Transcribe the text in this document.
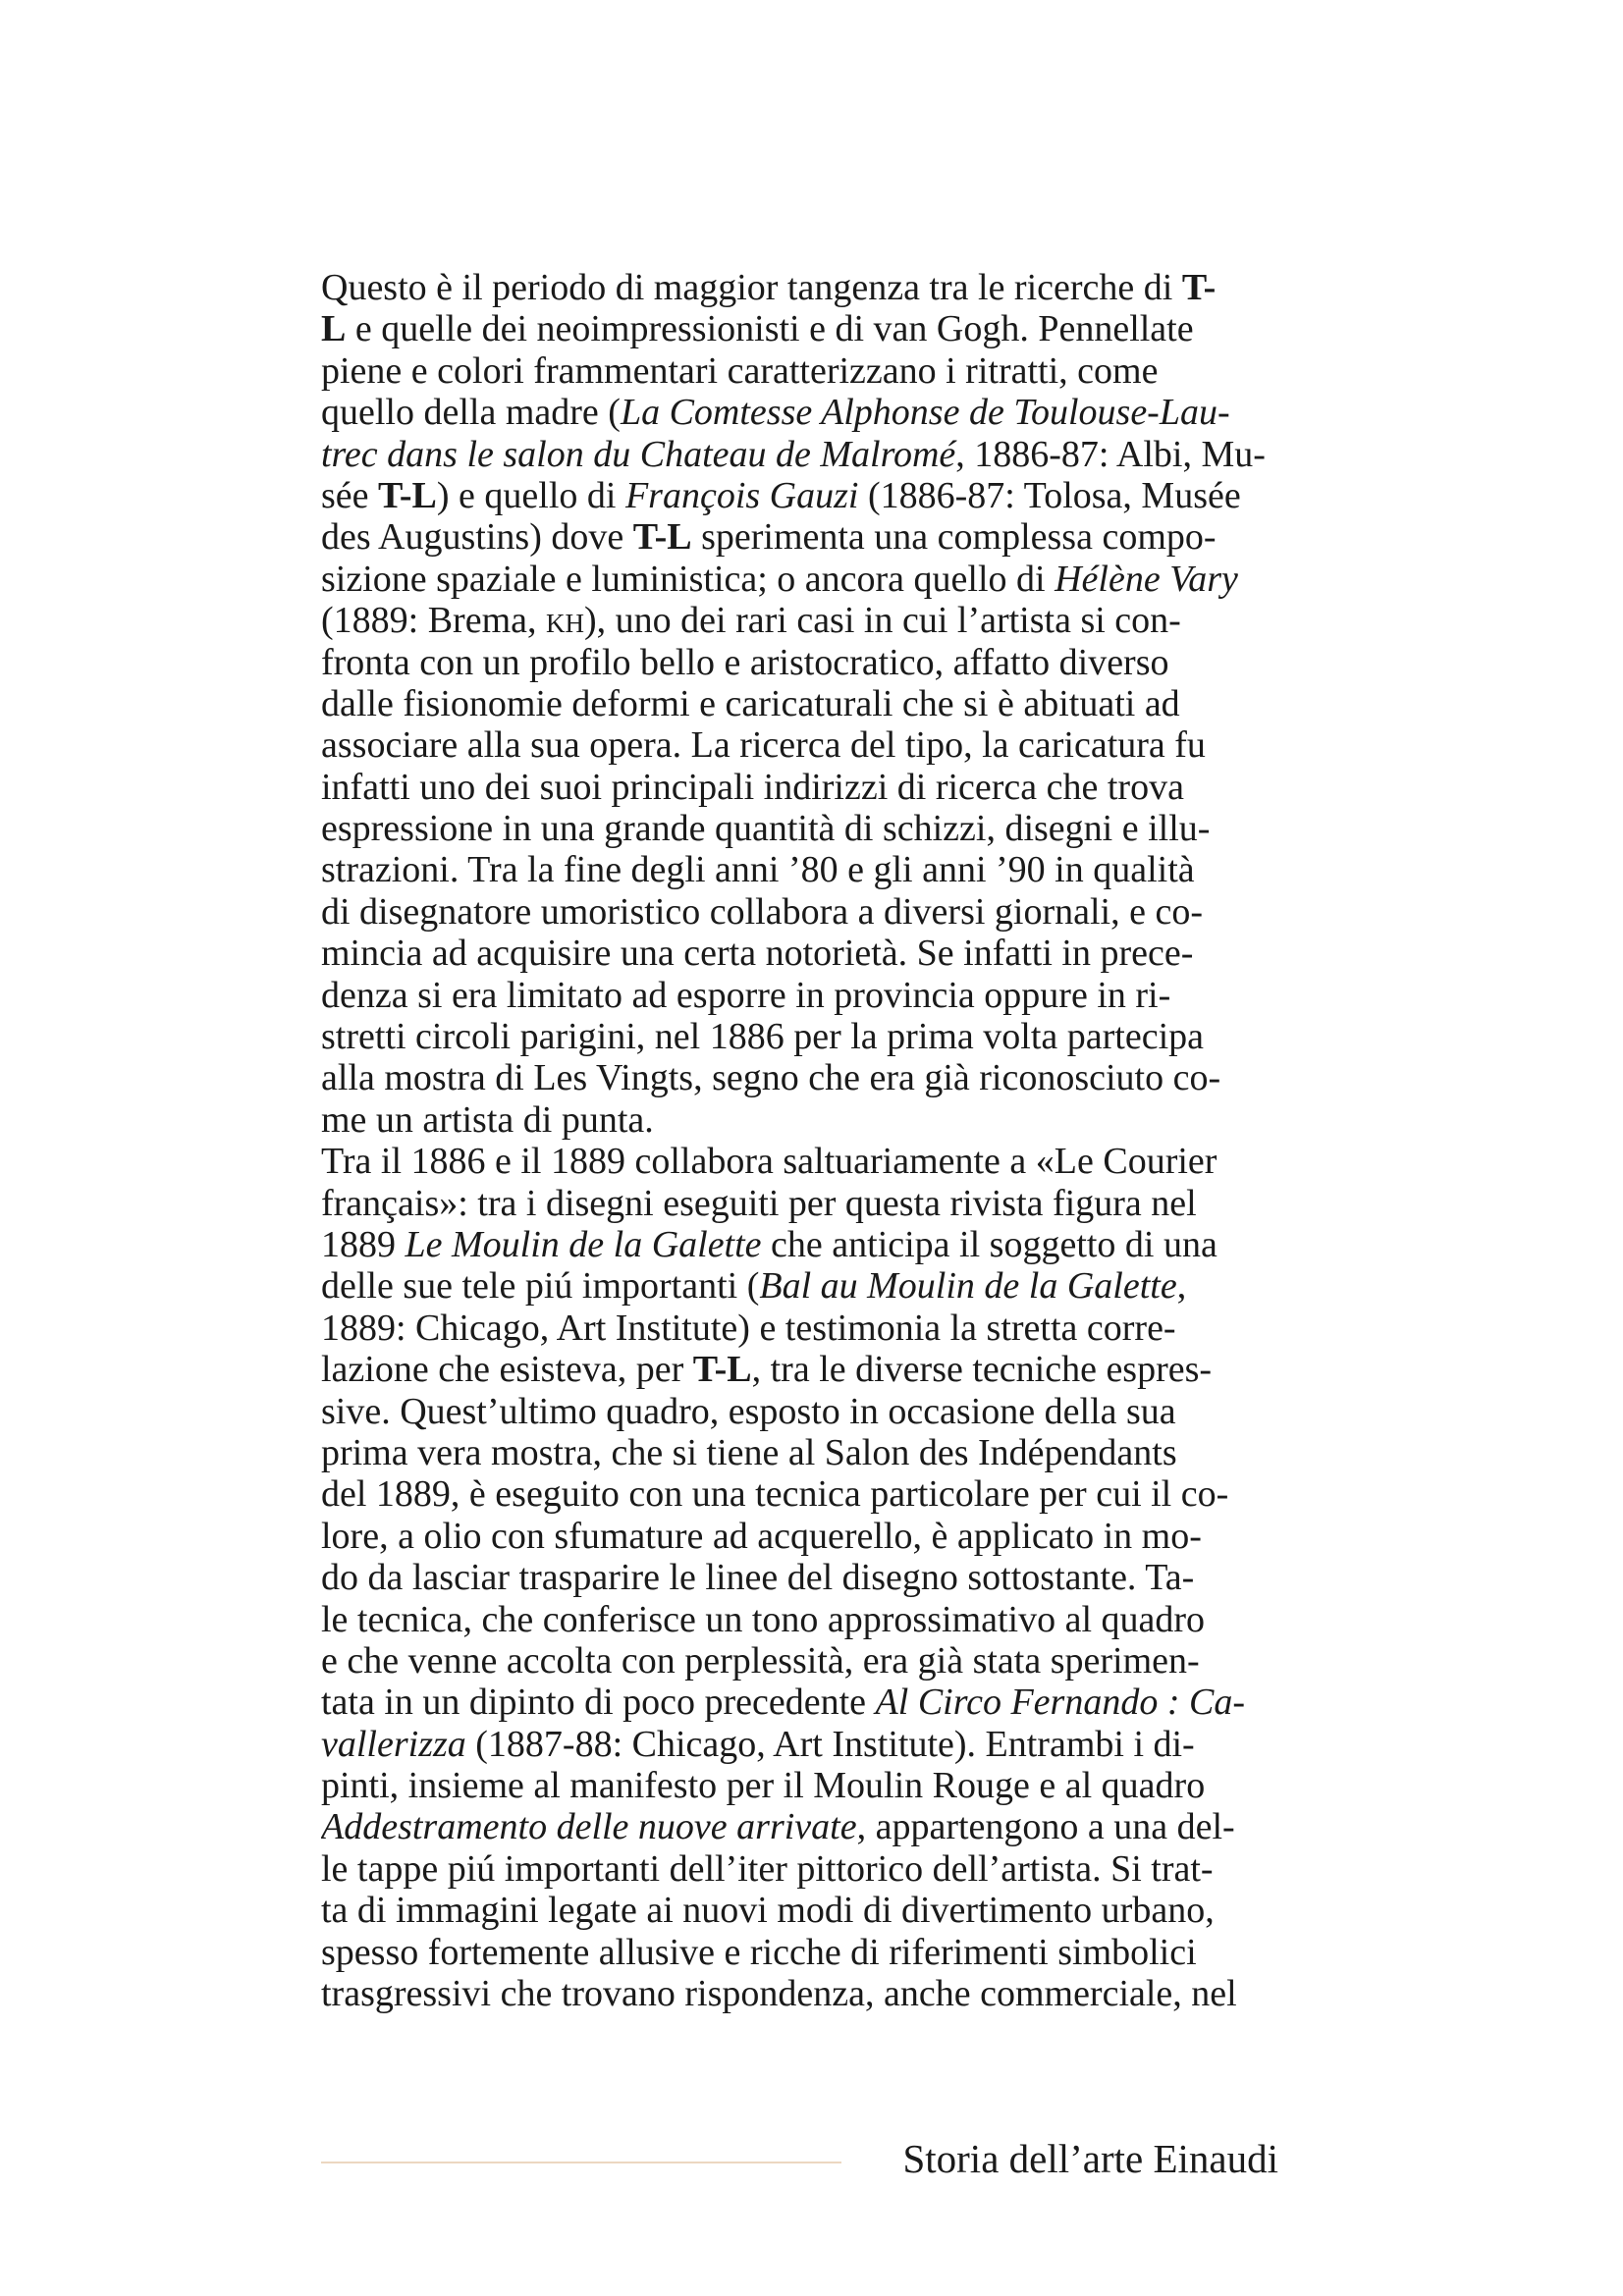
Questo è il periodo di maggior tangenza tra le ricerche di T-
L e quelle dei neoimpressionisti e di van Gogh. Pennellate
piene e colori frammentari caratterizzano i ritratti, come
quello della madre (La Comtesse Alphonse de Toulouse-Lau-
trec dans le salon du Chateau de Malromé, 1886-87: Albi, Mu-
sée T-L) e quello di François Gauzi (1886-87: Tolosa, Musée
des Augustins) dove T-L sperimenta una complessa compo-
sizione spaziale e luministica; o ancora quello di Hélène Vary
(1889: Brema, kh), uno dei rari casi in cui l’artista si con-
fronta con un profilo bello e aristocratico, affatto diverso
dalle fisionomie deformi e caricaturali che si è abituati ad
associare alla sua opera. La ricerca del tipo, la caricatura fu
infatti uno dei suoi principali indirizzi di ricerca che trova
espressione in una grande quantità di schizzi, disegni e illu-
strazioni. Tra la fine degli anni ’80 e gli anni ’90 in qualità
di disegnatore umoristico collabora a diversi giornali, e co-
mincia ad acquisire una certa notorietà. Se infatti in prece-
denza si era limitato ad esporre in provincia oppure in ri-
stretti circoli parigini, nel 1886 per la prima volta partecipa
alla mostra di Les Vingts, segno che era già riconosciuto co-
me un artista di punta.
Tra il 1886 e il 1889 collabora saltuariamente a «Le Courier
français»: tra i disegni eseguiti per questa rivista figura nel
1889 Le Moulin de la Galette che anticipa il soggetto di una
delle sue tele piú importanti (Bal au Moulin de la Galette,
1889: Chicago, Art Institute) e testimonia la stretta corre-
lazione che esisteva, per T-L, tra le diverse tecniche espres-
sive. Quest’ultimo quadro, esposto in occasione della sua
prima vera mostra, che si tiene al Salon des Indépendants
del 1889, è eseguito con una tecnica particolare per cui il co-
lore, a olio con sfumature ad acquerello, è applicato in mo-
do da lasciar trasparire le linee del disegno sottostante. Ta-
le tecnica, che conferisce un tono approssimativo al quadro
e che venne accolta con perplessità, era già stata sperimen-
tata in un dipinto di poco precedente Al Circo Fernando : Ca-
vallerizza (1887-88: Chicago, Art Institute). Entrambi i di-
pinti, insieme al manifesto per il Moulin Rouge e al quadro
Addestramento delle nuove arrivate, appartengono a una del-
le tappe piú importanti dell’iter pittorico dell’artista. Si trat-
ta di immagini legate ai nuovi modi di divertimento urbano,
spesso fortemente allusive e ricche di riferimenti simbolici
trasgressivi che trovano rispondenza, anche commerciale, nel
Storia dell’arte Einaudi
